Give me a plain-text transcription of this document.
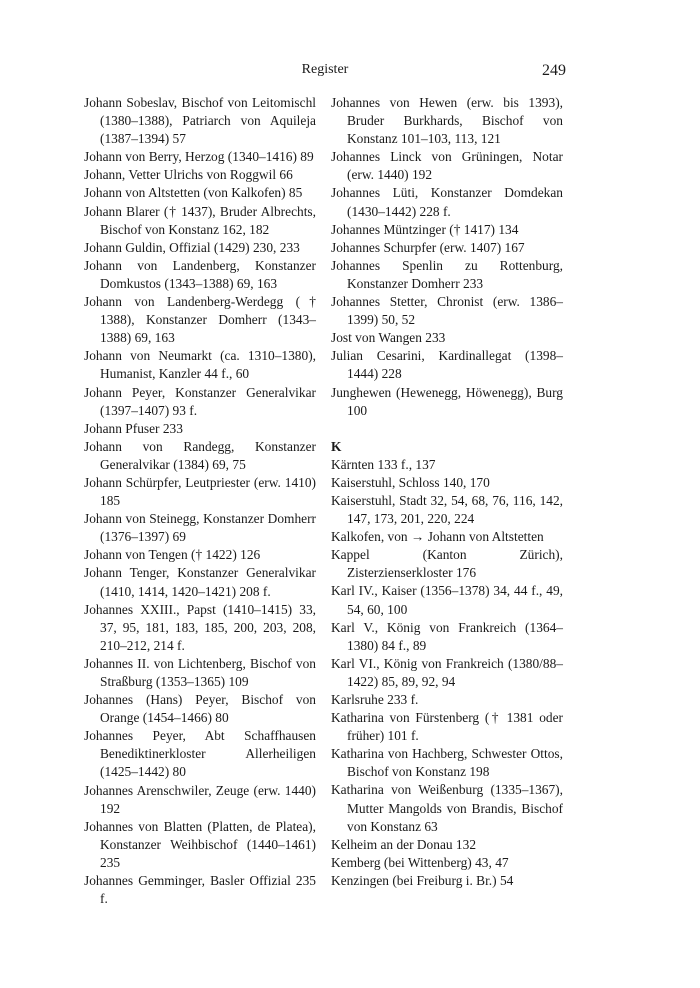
Register	249
Johann Sobeslav, Bischof von Leitomischl (1380–1388), Patriarch von Aquileja (1387–1394) 57
Johann von Berry, Herzog (1340–1416) 89
Johann, Vetter Ulrichs von Roggwil 66
Johann von Altstetten (von Kalkofen) 85
Johann Blarer († 1437), Bruder Albrechts, Bischof von Konstanz 162, 182
Johann Guldin, Offizial (1429) 230, 233
Johann von Landenberg, Konstanzer Domkustos (1343–1388) 69, 163
Johann von Landenberg-Werdegg († 1388), Konstanzer Domherr (1343–1388) 69, 163
Johann von Neumarkt (ca. 1310–1380), Humanist, Kanzler 44 f., 60
Johann Peyer, Konstanzer Generalvikar (1397–1407) 93 f.
Johann Pfuser 233
Johann von Randegg, Konstanzer Generalvikar (1384) 69, 75
Johann Schürpfer, Leutpriester (erw. 1410) 185
Johann von Steinegg, Konstanzer Domherr (1376–1397) 69
Johann von Tengen († 1422) 126
Johann Tenger, Konstanzer Generalvikar (1410, 1414, 1420–1421) 208 f.
Johannes XXIII., Papst (1410–1415) 33, 37, 95, 181, 183, 185, 200, 203, 208, 210–212, 214 f.
Johannes II. von Lichtenberg, Bischof von Straßburg (1353–1365) 109
Johannes (Hans) Peyer, Bischof von Orange (1454–1466) 80
Johannes Peyer, Abt Schaffhausen Benediktinerkloster Allerheiligen (1425–1442) 80
Johannes Arenschwiler, Zeuge (erw. 1440) 192
Johannes von Blatten (Platten, de Platea), Konstanzer Weihbischof (1440–1461) 235
Johannes Gemminger, Basler Offizial 235 f.
Johannes von Hewen (erw. bis 1393), Bruder Burkhards, Bischof von Konstanz 101–103, 113, 121
Johannes Linck von Grüningen, Notar (erw. 1440) 192
Johannes Lüti, Konstanzer Domdekan (1430–1442) 228 f.
Johannes Müntzinger († 1417) 134
Johannes Schurpfer (erw. 1407) 167
Johannes Spenlin zu Rottenburg, Konstanzer Domherr 233
Johannes Stetter, Chronist (erw. 1386–1399) 50, 52
Jost von Wangen 233
Julian Cesarini, Kardinallegat (1398–1444) 228
Junghewen (Hewenegg, Höwenegg), Burg 100
K
Kärnten 133 f., 137
Kaiserstuhl, Schloss 140, 170
Kaiserstuhl, Stadt 32, 54, 68, 76, 116, 142, 147, 173, 201, 220, 224
Kalkofen, von → Johann von Altstetten
Kappel (Kanton Zürich), Zisterzienserkloster 176
Karl IV., Kaiser (1356–1378) 34, 44 f., 49, 54, 60, 100
Karl V., König von Frankreich (1364–1380) 84 f., 89
Karl VI., König von Frankreich (1380/88–1422) 85, 89, 92, 94
Karlsruhe 233 f.
Katharina von Fürstenberg († 1381 oder früher) 101 f.
Katharina von Hachberg, Schwester Ottos, Bischof von Konstanz 198
Katharina von Weißenburg (1335–1367), Mutter Mangolds von Brandis, Bischof von Konstanz 63
Kelheim an der Donau 132
Kemberg (bei Wittenberg) 43, 47
Kenzingen (bei Freiburg i. Br.) 54
